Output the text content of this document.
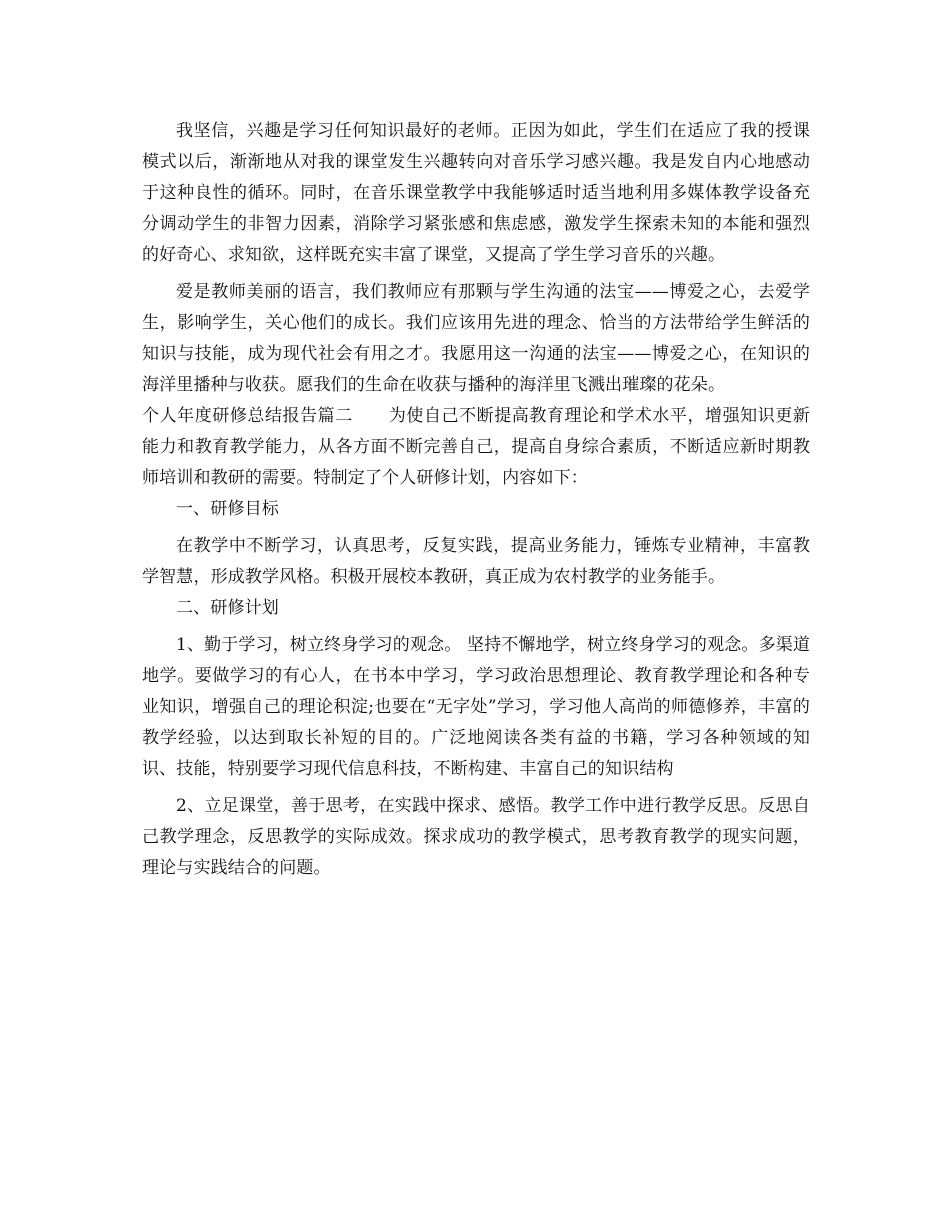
我坚信，兴趣是学习任何知识最好的老师。正因为如此，学生们在适应了我的授课模式以后，渐渐地从对我的课堂发生兴趣转向对音乐学习感兴趣。我是发自内心地感动于这种良性的循环。同时，在音乐课堂教学中我能够适时适当地利用多媒体教学设备充分调动学生的非智力因素，消除学习紧张感和焦虑感，激发学生探索未知的本能和强烈的好奇心、求知欲，这样既充实丰富了课堂，又提高了学生学习音乐的兴趣。

爱是教师美丽的语言，我们教师应有那颗与学生沟通的法宝——博爱之心，去爱学生，影响学生，关心他们的成长。我们应该用先进的理念、恰当的方法带给学生鲜活的知识与技能，成为现代社会有用之才。我愿用这一沟通的法宝——博爱之心，在知识的海洋里播种与收获。愿我们的生命在收获与播种的海洋里飞溅出璀璨的花朵。

个人年度研修总结报告篇二 为使自己不断提高教育理论和学术水平，增强知识更新能力和教育教学能力，从各方面不断完善自己，提高自身综合素质，不断适应新时期教师培训和教研的需要。特制定了个人研修计划，内容如下：

一、研修目标

在教学中不断学习，认真思考，反复实践，提高业务能力，锤炼专业精神，丰富教学智慧，形成教学风格。积极开展校本教研，真正成为农村教学的业务能手。

二、研修计划

1、勤于学习，树立终身学习的观念。 坚持不懈地学，树立终身学习的观念。多渠道地学。要做学习的有心人，在书本中学习，学习政治思想理论、教育教学理论和各种专业知识，增强自己的理论积淀;也要在“无字处”学习，学习他人高尚的师德修养，丰富的教学经验，以达到取长补短的目的。广泛地阅读各类有益的书籍，学习各种领域的知识、技能，特别要学习现代信息科技，不断构建、丰富自己的知识结构

2、立足课堂，善于思考，在实践中探求、感悟。教学工作中进行教学反思。反思自己教学理念，反思教学的实际成效。探求成功的教学模式，思考教育教学的现实问题，理论与实践结合的问题。
